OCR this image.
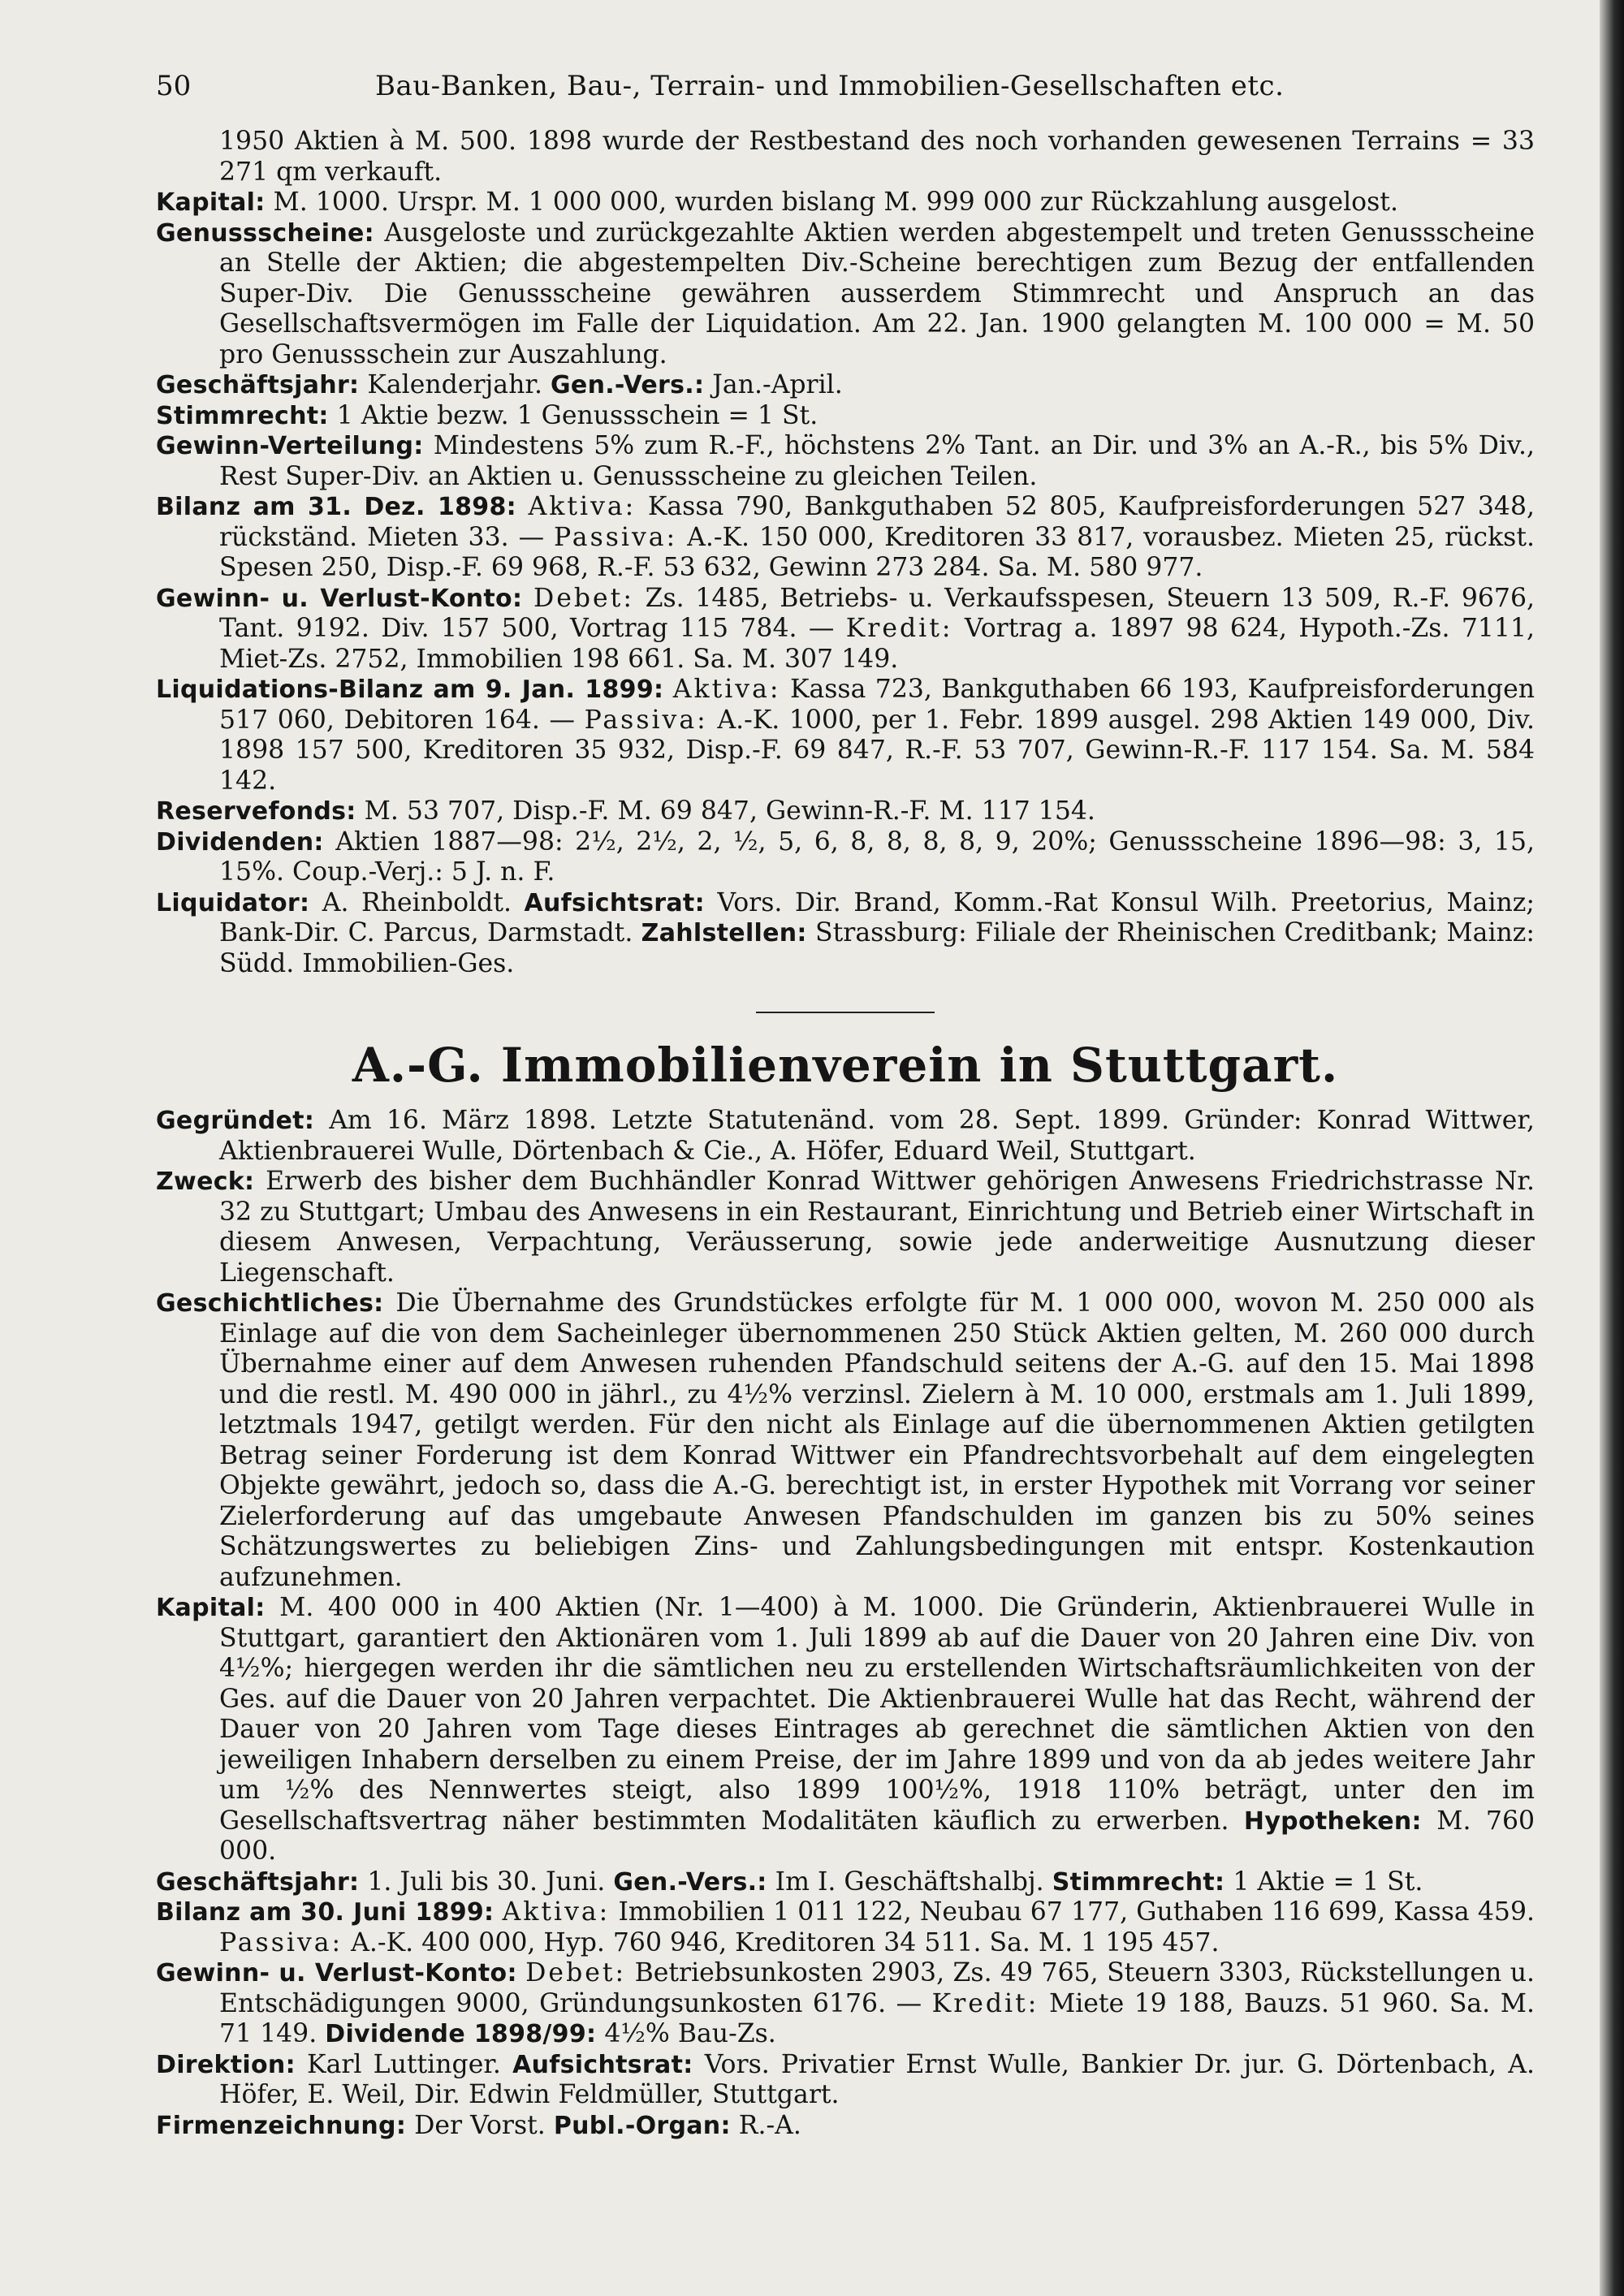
50	Bau-Banken, Bau-, Terrain- und Immobilien-Gesellschaften etc.

1950 Aktien à M. 500. 1898 wurde der Restbestand des noch vorhanden gewesenen Terrains = 33 271 qm verkauft.

Kapital: M. 1000. Urspr. M. 1 000 000, wurden bislang M. 999 000 zur Rückzahlung ausgelost.

Genussscheine: Ausgeloste und zurückgezahlte Aktien werden abgestempelt und treten Genussscheine an Stelle der Aktien; die abgestempelten Div.-Scheine berechtigen zum Bezug der entfallenden Super-Div. Die Genussscheine gewähren ausserdem Stimmrecht und Anspruch an das Gesellschaftsvermögen im Falle der Liquidation. Am 22. Jan. 1900 gelangten M. 100 000 = M. 50 pro Genussschein zur Auszahlung.

Geschäftsjahr: Kalenderjahr. Gen.-Vers.: Jan.-April.

Stimmrecht: 1 Aktie bezw. 1 Genussschein = 1 St.

Gewinn-Verteilung: Mindestens 5% zum R.-F., höchstens 2% Tant. an Dir. und 3% an A.-R., bis 5% Div., Rest Super-Div. an Aktien u. Genussscheine zu gleichen Teilen.

Bilanz am 31. Dez. 1898: Aktiva: Kassa 790, Bankguthaben 52 805, Kaufpreisforderungen 527 348, rückständ. Mieten 33. — Passiva: A.-K. 150 000, Kreditoren 33 817, vorausbez. Mieten 25, rückst. Spesen 250, Disp.-F. 69 968, R.-F. 53 632, Gewinn 273 284. Sa. M. 580 977.

Gewinn- u. Verlust-Konto: Debet: Zs. 1485, Betriebs- u. Verkaufsspesen, Steuern 13 509, R.-F. 9676, Tant. 9192. Div. 157 500, Vortrag 115 784. — Kredit: Vortrag a. 1897 98 624, Hypoth.-Zs. 7111, Miet-Zs. 2752, Immobilien 198 661. Sa. M. 307 149.

Liquidations-Bilanz am 9. Jan. 1899: Aktiva: Kassa 723, Bankguthaben 66 193, Kaufpreisforderungen 517 060, Debitoren 164. — Passiva: A.-K. 1000, per 1. Febr. 1899 ausgel. 298 Aktien 149 000, Div. 1898 157 500, Kreditoren 35 932, Disp.-F. 69 847, R.-F. 53 707, Gewinn-R.-F. 117 154. Sa. M. 584 142.

Reservefonds: M. 53 707, Disp.-F. M. 69 847, Gewinn-R.-F. M. 117 154.

Dividenden: Aktien 1887—98: 2½, 2½, 2, ½, 5, 6, 8, 8, 8, 8, 9, 20%; Genussscheine 1896—98: 3, 15, 15%. Coup.-Verj.: 5 J. n. F.

Liquidator: A. Rheinboldt. Aufsichtsrat: Vors. Dir. Brand, Komm.-Rat Konsul Wilh. Preetorius, Mainz; Bank-Dir. C. Parcus, Darmstadt. Zahlstellen: Strassburg: Filiale der Rheinischen Creditbank; Mainz: Südd. Immobilien-Ges.

A.-G. Immobilienverein in Stuttgart.

Gegründet: Am 16. März 1898. Letzte Statutenänd. vom 28. Sept. 1899. Gründer: Konrad Wittwer, Aktienbrauerei Wulle, Dörtenbach & Cie., A. Höfer, Eduard Weil, Stuttgart.

Zweck: Erwerb des bisher dem Buchhändler Konrad Wittwer gehörigen Anwesens Friedrichstrasse Nr. 32 zu Stuttgart; Umbau des Anwesens in ein Restaurant, Einrichtung und Betrieb einer Wirtschaft in diesem Anwesen, Verpachtung, Veräusserung, sowie jede anderweitige Ausnutzung dieser Liegenschaft.

Geschichtliches: Die Übernahme des Grundstückes erfolgte für M. 1 000 000, wovon M. 250 000 als Einlage auf die von dem Sacheinleger übernommenen 250 Stück Aktien gelten, M. 260 000 durch Übernahme einer auf dem Anwesen ruhenden Pfandschuld seitens der A.-G. auf den 15. Mai 1898 und die restl. M. 490 000 in jährl., zu 4½% verzinsl. Zielern à M. 10 000, erstmals am 1. Juli 1899, letztmals 1947, getilgt werden. Für den nicht als Einlage auf die übernommenen Aktien getilgten Betrag seiner Forderung ist dem Konrad Wittwer ein Pfandrechtsvorbehalt auf dem eingelegten Objekte gewährt, jedoch so, dass die A.-G. berechtigt ist, in erster Hypothek mit Vorrang vor seiner Zielerforderung auf das umgebaute Anwesen Pfandschulden im ganzen bis zu 50% seines Schätzungswertes zu beliebigen Zins- und Zahlungsbedingungen mit entspr. Kostenkaution aufzunehmen.

Kapital: M. 400 000 in 400 Aktien (Nr. 1—400) à M. 1000. Die Gründerin, Aktienbrauerei Wulle in Stuttgart, garantiert den Aktionären vom 1. Juli 1899 ab auf die Dauer von 20 Jahren eine Div. von 4½%; hiergegen werden ihr die sämtlichen neu zu erstellenden Wirtschaftsräumlichkeiten von der Ges. auf die Dauer von 20 Jahren verpachtet. Die Aktienbrauerei Wulle hat das Recht, während der Dauer von 20 Jahren vom Tage dieses Eintrages ab gerechnet die sämtlichen Aktien von den jeweiligen Inhabern derselben zu einem Preise, der im Jahre 1899 und von da ab jedes weitere Jahr um ½% des Nennwertes steigt, also 1899 100½%, 1918 110% beträgt, unter den im Gesellschaftsvertrag näher bestimmten Modalitäten käuflich zu erwerben. Hypotheken: M. 760 000.

Geschäftsjahr: 1. Juli bis 30. Juni. Gen.-Vers.: Im I. Geschäftshalbj. Stimmrecht: 1 Aktie = 1 St.

Bilanz am 30. Juni 1899: Aktiva: Immobilien 1 011 122, Neubau 67 177, Guthaben 116 699, Kassa 459. Passiva: A.-K. 400 000, Hyp. 760 946, Kreditoren 34 511. Sa. M. 1 195 457.

Gewinn- u. Verlust-Konto: Debet: Betriebsunkosten 2903, Zs. 49 765, Steuern 3303, Rückstellungen u. Entschädigungen 9000, Gründungsunkosten 6176. — Kredit: Miete 19 188, Bauzs. 51 960. Sa. M. 71 149. Dividende 1898/99: 4½% Bau-Zs.

Direktion: Karl Luttinger. Aufsichtsrat: Vors. Privatier Ernst Wulle, Bankier Dr. jur. G. Dörtenbach, A. Höfer, E. Weil, Dir. Edwin Feldmüller, Stuttgart.

Firmenzeichnung: Der Vorst. Publ.-Organ: R.-A.
